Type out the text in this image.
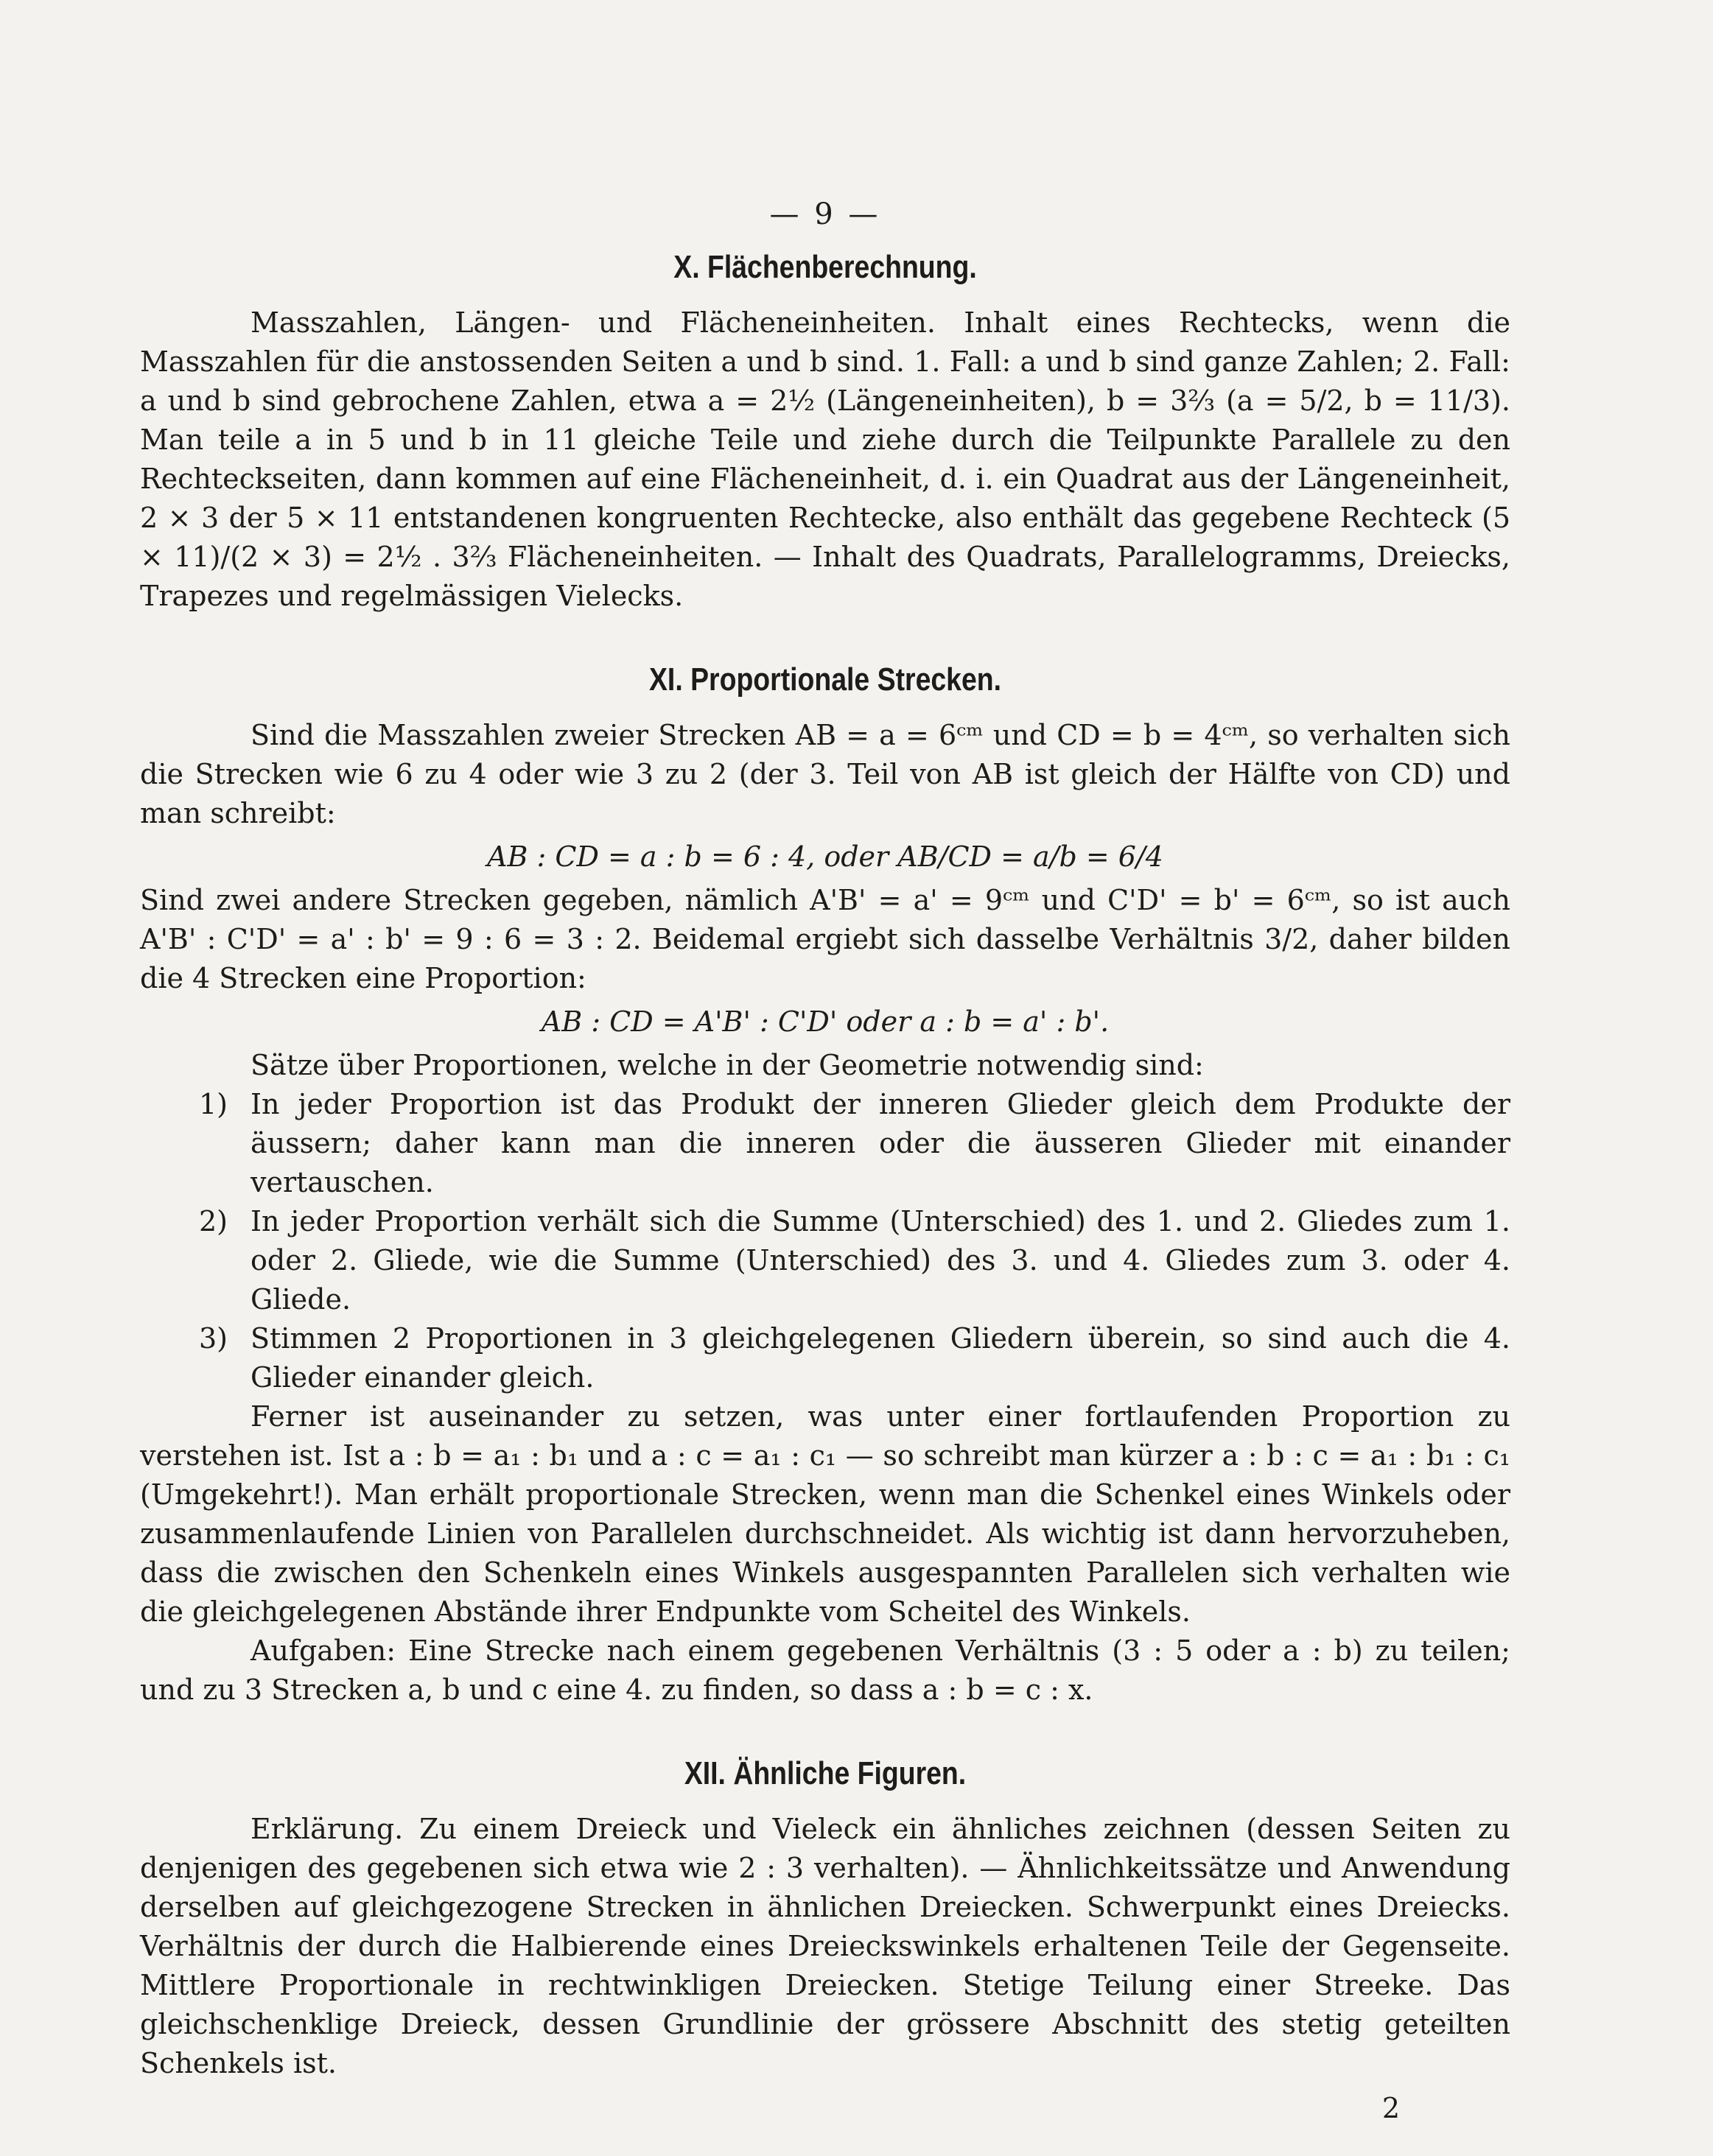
— 9 —
X. Flächenberechnung.

Masszahlen, Längen- und Flächeneinheiten. Inhalt eines Rechtecks, wenn die Masszahlen für die anstossenden Seiten a und b sind. 1. Fall: a und b sind ganze Zahlen; 2. Fall: a und b sind gebrochene Zahlen, etwa a = 2½ (Längeneinheiten), b = 3⅔ (a = 5/2, b = 11/3). Man teile a in 5 und b in 11 gleiche Teile und ziehe durch die Teilpunkte Parallele zu den Rechteckseiten, dann kommen auf eine Flächeneinheit, d. i. ein Quadrat aus der Längeneinheit, 2 × 3 der 5 × 11 entstandenen kongruenten Rechtecke, also enthält das gegebene Rechteck (5 × 11)/(2 × 3) = 2½ . 3⅔ Flächeneinheiten. — Inhalt des Quadrats, Parallelogramms, Dreiecks, Trapezes und regelmässigen Vielecks.

XI. Proportionale Strecken.

Sind die Masszahlen zweier Strecken AB = a = 6ᶜᵐ und CD = b = 4ᶜᵐ, so verhalten sich die Strecken wie 6 zu 4 oder wie 3 zu 2 (der 3. Teil von AB ist gleich der Hälfte von CD) und man schreibt:

AB : CD = a : b = 6 : 4, oder AB/CD = a/b = 6/4

Sind zwei andere Strecken gegeben, nämlich A'B' = a' = 9ᶜᵐ und C'D' = b' = 6ᶜᵐ, so ist auch A'B' : C'D' = a' : b' = 9 : 6 = 3 : 2. Beidemal ergiebt sich dasselbe Verhältnis 3/2, daher bilden die 4 Strecken eine Proportion:

AB : CD = A'B' : C'D' oder a : b = a' : b'.

Sätze über Proportionen, welche in der Geometrie notwendig sind:

1) In jeder Proportion ist das Produkt der inneren Glieder gleich dem Produkte der äussern; daher kann man die inneren oder die äusseren Glieder mit einander vertauschen.
2) In jeder Proportion verhält sich die Summe (Unterschied) des 1. und 2. Gliedes zum 1. oder 2. Gliede, wie die Summe (Unterschied) des 3. und 4. Gliedes zum 3. oder 4. Gliede.
3) Stimmen 2 Proportionen in 3 gleichgelegenen Gliedern überein, so sind auch die 4. Glieder einander gleich.

Ferner ist auseinander zu setzen, was unter einer fortlaufenden Proportion zu verstehen ist. Ist a : b = a₁ : b₁ und a : c = a₁ : c₁ — so schreibt man kürzer a : b : c = a₁ : b₁ : c₁ (Umgekehrt!). Man erhält proportionale Strecken, wenn man die Schenkel eines Winkels oder zusammenlaufende Linien von Parallelen durchschneidet. Als wichtig ist dann hervorzuheben, dass die zwischen den Schenkeln eines Winkels ausgespannten Parallelen sich verhalten wie die gleichgelegenen Abstände ihrer Endpunkte vom Scheitel des Winkels.

Aufgaben: Eine Strecke nach einem gegebenen Verhältnis (3 : 5 oder a : b) zu teilen; und zu 3 Strecken a, b und c eine 4. zu finden, so dass a : b = c : x.

XII. Ähnliche Figuren.

Erklärung. Zu einem Dreieck und Vieleck ein ähnliches zeichnen (dessen Seiten zu denjenigen des gegebenen sich etwa wie 2 : 3 verhalten). — Ähnlichkeitssätze und Anwendung derselben auf gleichgezogene Strecken in ähnlichen Dreiecken. Schwerpunkt eines Dreiecks. Verhältnis der durch die Halbierende eines Dreieckswinkels erhaltenen Teile der Gegenseite. Mittlere Proportionale in rechtwinkligen Dreiecken. Stetige Teilung einer Streeke. Das gleichschenklige Dreieck, dessen Grundlinie der grössere Abschnitt des stetig geteilten Schenkels ist.

2
